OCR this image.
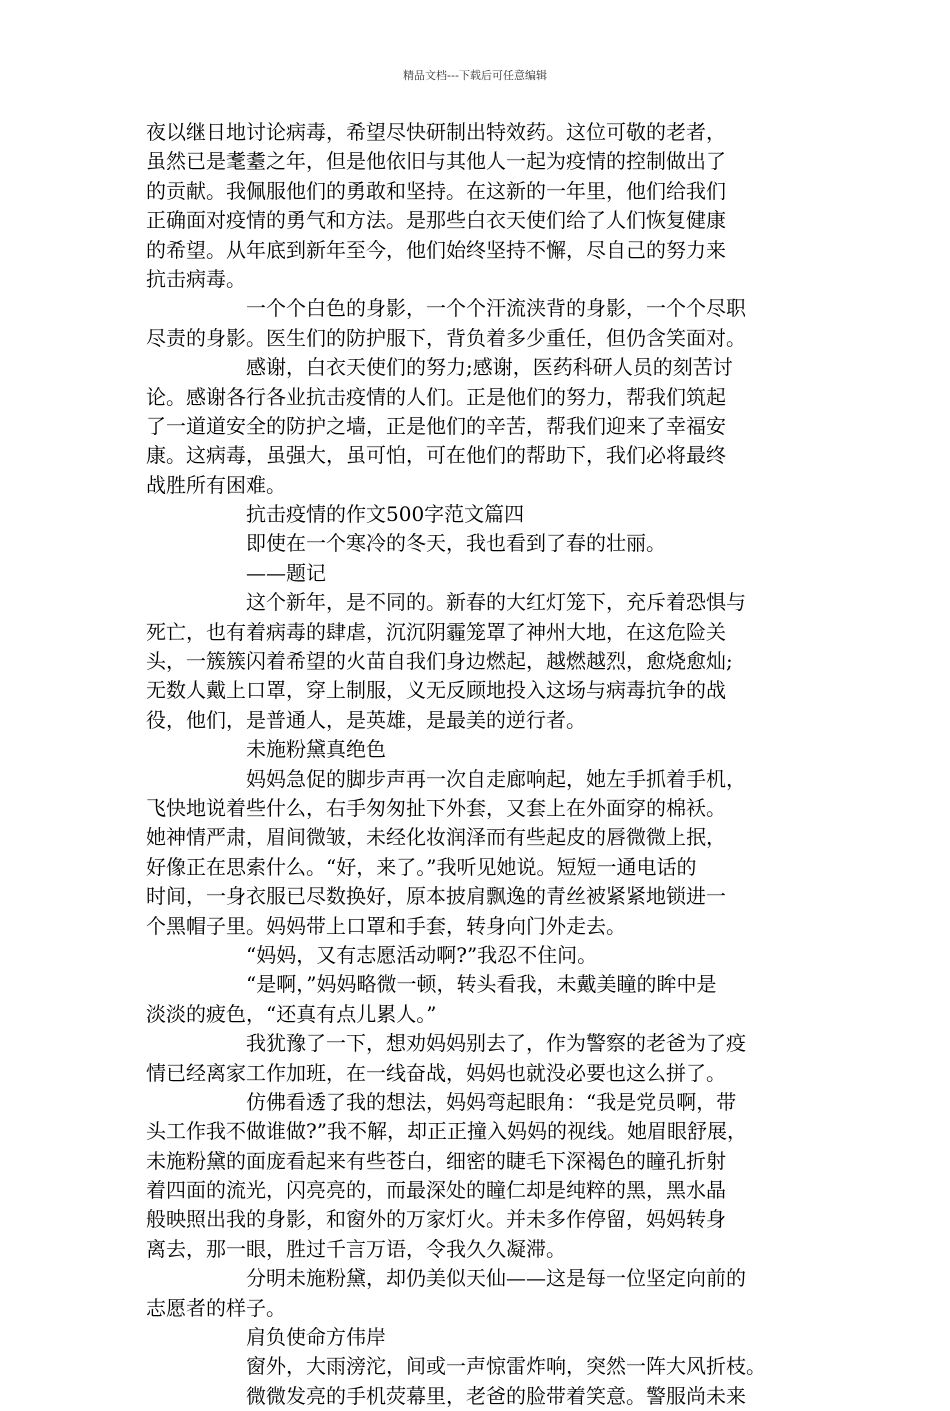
精品文档---下载后可任意编辑
夜以继日地讨论病毒，希望尽快研制出特效药。这位可敬的老者，
虽然已是耄耋之年，但是他依旧与其他人一起为疫情的控制做出了
的贡献。我佩服他们的勇敢和坚持。在这新的一年里，他们给我们
正确面对疫情的勇气和方法。是那些白衣天使们给了人们恢复健康
的希望。从年底到新年至今，他们始终坚持不懈，尽自己的努力来
抗击病毒。
一个个白色的身影，一个个汗流浃背的身影，一个个尽职
尽责的身影。医生们的防护服下，背负着多少重任，但仍含笑面对。
感谢，白衣天使们的努力;感谢，医药科研人员的刻苦讨
论。感谢各行各业抗击疫情的人们。正是他们的努力，帮我们筑起
了一道道安全的防护之墙，正是他们的辛苦，帮我们迎来了幸福安
康。这病毒，虽强大，虽可怕，可在他们的帮助下，我们必将最终
战胜所有困难。
抗击疫情的作文500字范文篇四
即使在一个寒冷的冬天，我也看到了春的壮丽。
——题记
这个新年，是不同的。新春的大红灯笼下，充斥着恐惧与
死亡，也有着病毒的肆虐，沉沉阴霾笼罩了神州大地，在这危险关
头，一簇簇闪着希望的火苗自我们身边燃起，越燃越烈，愈烧愈灿;
无数人戴上口罩，穿上制服，义无反顾地投入这场与病毒抗争的战
役，他们，是普通人，是英雄，是最美的逆行者。
未施粉黛真绝色
妈妈急促的脚步声再一次自走廊响起，她左手抓着手机，
飞快地说着些什么，右手匆匆扯下外套，又套上在外面穿的棉袄。
她神情严肃，眉间微皱，未经化妆润泽而有些起皮的唇微微上抿，
好像正在思索什么。“好，来了。”我听见她说。短短一通电话的
时间，一身衣服已尽数换好，原本披肩飘逸的青丝被紧紧地锁进一
个黑帽子里。妈妈带上口罩和手套，转身向门外走去。
“妈妈，又有志愿活动啊?”我忍不住问。
“是啊，”妈妈略微一顿，转头看我，未戴美瞳的眸中是
淡淡的疲色，“还真有点儿累人。”
我犹豫了一下，想劝妈妈别去了，作为警察的老爸为了疫
情已经离家工作加班，在一线奋战，妈妈也就没必要也这么拼了。
仿佛看透了我的想法，妈妈弯起眼角：“我是党员啊，带
头工作我不做谁做?”我不解，却正正撞入妈妈的视线。她眉眼舒展，
未施粉黛的面庞看起来有些苍白，细密的睫毛下深褐色的瞳孔折射
着四面的流光，闪亮亮的，而最深处的瞳仁却是纯粹的黑，黑水晶
般映照出我的身影，和窗外的万家灯火。并未多作停留，妈妈转身
离去，那一眼，胜过千言万语，令我久久凝滞。
分明未施粉黛，却仍美似天仙——这是每一位坚定向前的
志愿者的样子。
肩负使命方伟岸
窗外，大雨滂沱，间或一声惊雷炸响，突然一阵大风折枝。
微微发亮的手机荧幕里，老爸的脸带着笑意。警服尚未来
